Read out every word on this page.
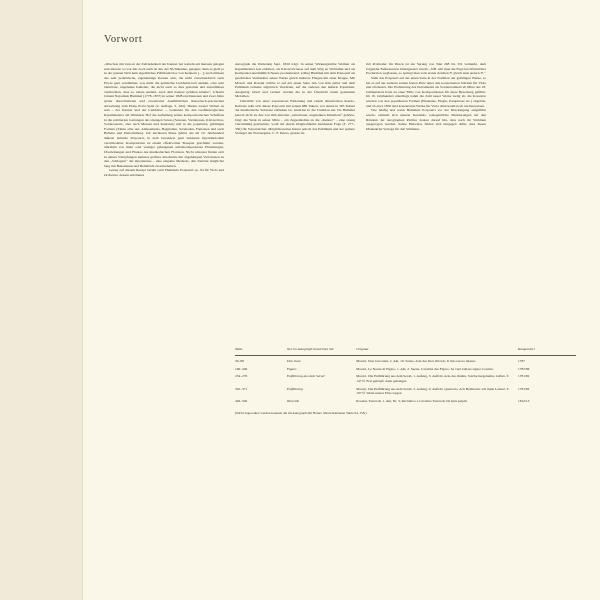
Vorwort

„Obschon mir nun an der Zufriedenheit der Kenner bei weitem am meisten gelegen sein musste: so war mir doch auch an der, der Nichtkenner, gelegen; denn es giebt ja in der ganzen Welt kein eigentliches Publikum blos von Kennern […]; auch müssen das sehr pedantische, eigensinnige Kenner sein, die nicht zwischendurch auch Etwas gern vernähmen, was mehr die gemischte Liebhaberwelt anzieht, oder sehr talentlose, ungelenke Künstler, die nicht auch so dies gestalten und auszuführen vermöchten, dass es, neben Andern, auch dem Kenner gefallen könnte“, schreibt Johann Nepomuk Hummel (1778–1837) in seiner 1828 erschienenen und zwei Jahre später überarbeiteten und erweiterten Ausführlichen theoretisch-practischen Anweisung zum Piano-Forte-Spiel (2. Auflage, S. 462). Diener zweier Welten zu sein – der Kenner und der Liebhaber –, bedeutete für den Großherzoglichen Kapellmeister am Weimarer Hof die Aufteilung seines kompositorischen Schaffens in die etablierten Gattungen des strengen Satzes (Sonaten, Variationen, Klaviertrios, Solokonzerte, aber auch Messen und Kantaten) und in die populären, gefälligen Formen (Tänze aller Art, Amusements, Bagatellen, Serenaden, Fantasien und auch Ballette und Pantomimen). Zur leichteren Muse gehört das im 19. Jahrhundert äußerst beliebte Potpourri, in dem besonders gern bekannte Opernmelodien verschiedener Komponisten zu einem effektvollen Bouquet geschnürt wurden, umrahmt von mehr oder weniger gelungenen selbstkomponierten Einleitungen, Überleitungen und Finales des musikalischen Floristen. Nicht umsonst finden sich in diesen Schöpfungen mehrere größere Abschnitte mit angehängten Variationen zu den „Schlagern“ der Opernszene – eine elegante Methode, den Zuhörer möglichst lang mit Bekanntem und Beliebtem zu unterhalten.

Genau auf diesem Rezept beruht auch Hummels Potpourri op. 94 für Viola und Orchester, dessen erhaltenes

Autograph die Datierung Sept. 1820 trägt. In seiner Wirkungsstätte Weimar als Kapellmeister fest etabliert, als Klaviervirtuose auf dem Weg zu Weltruhm und als Komponist unermüdlich Neues produzierend, schlug Hummel mit dem Potpourri als geschickter Vermarkter seiner Werke gleich mehrere Fliegen mit einer Klappe. Mit Mozart und Rossini wählte er auf der einen Seite den von ihm selbst und dem Publikum beinahe abgöttisch Verehrten, auf der anderen den äußerst Populären. Ausgiebig zitiert und variiert werden die in der Übersicht unten genannten Melodien.

Umrahmt von einer expressiven Einleitung und einem tänzerischen Rondo-Kehraus reiht sich dieses Potpourri mit seinen 686 Takten, von denen in 395 Takten die musikalische Substanz entliehen ist, zunächst in die Tradition ein. Da Hummel jedoch nicht zu den von ihm zitierten „talentlosen, ungelenken Künstlern“ gehörte, birgt das Werk in seiner Mitte – ein Zugeständnis an die „Kenner“ – eine streng vierstimmig gearbeitete, wohl auf einem Originalthema beruhende Fuge (T. 277–330) für Solostreicher. Möglicherweise hatten jedoch das Publikum und der spätere Verleger der Erstausgabe, C. F. Peters, gerade da-

mit Probleme: Im Druck ist ein Sprung von Takt 268 bis 331 vermerkt, dem folgender Fußnotentext hinzugesetzt wurde: „NB. will man die Fuga bei öffentlicher Production weglassen, so springt man vom ersten Zeichen ❧ gleich zum andern ❧.“

Steht das Potpourri auf der einen Seite in der Tradition der gefälligen Werke, so hat es auf der anderen seinen festen Platz unter den konzertanten Stücken für Viola und Orchester. Die Etablierung des Instruments als Soloinstrument ab Mitte des 18. Jahrhunderts hatte zu einer Fülle von Kompositionen für diese Besetzung geführt. Im 19. Jahrhundert allerdings nahm die Zahl neuer Werke stetig ab, die Konzerte wurden von den populäreren Formen (Phantasie, Elegie, Paraphrase etc.) abgelöst, und ab etwa 1850 sind konzertante Werke für Viola dann kaum noch nachzuweisen.

Wie häufig und wann Hummels Potpourri vor der Drucklegung aufgeführt wurde, entzieht sich unserer Kenntnis. Gelegentliche Markierungen auf den Rändern der autographen Partitur deuten darauf hin, dass nach ihr Stimmen ausgezogen wurden. Keine Hinweise finden sich hingegen dafür, dass dieses Manuskript Vorlage für den Stimmen-

Takte	Nur im Autograph bezeichnet mit	Original	Komponiert
29–88	Don Juan	Mozart, Don Giovanni, 2. Akt, 10. Szene, Arie des Don Ottavio, Il mio tesoro intanto	1787
160–246	Figaro	Mozart, Le Nozze di Figaro, 1. Akt, 2. Szene, Cavatina des Figaro, Se vuol ballare signor Contino	1785/86
254–276	Entführung aus dem Serail	Mozart, Die Entführung aus dem Serail, 1. Aufzug, 3. Auftritt, Arie des Osmin, Solche hergelaufne Laffen, T. 147 ff. Erst geköpft, dann gehangen	1781/82
345–371	Entführung	Mozart, Die Entführung aus dem Serail, 2. Aufzug, 9. Auftritt, Quartetto, Ach Belmonte! ach mein Leben!, T. 197 ff. Wenn unsrer Ehre wegen	1781/82
402–540	Tancredi	Rossini, Tancredi, 1. Akt, Nr. 3, Recitativo e Cavatina Tancredi, Di tanti palpiti	1812/13
(Nicht zugeordnet werden konnten die im Autograph mit Bolero überschriebenen Takte 94–158.)
